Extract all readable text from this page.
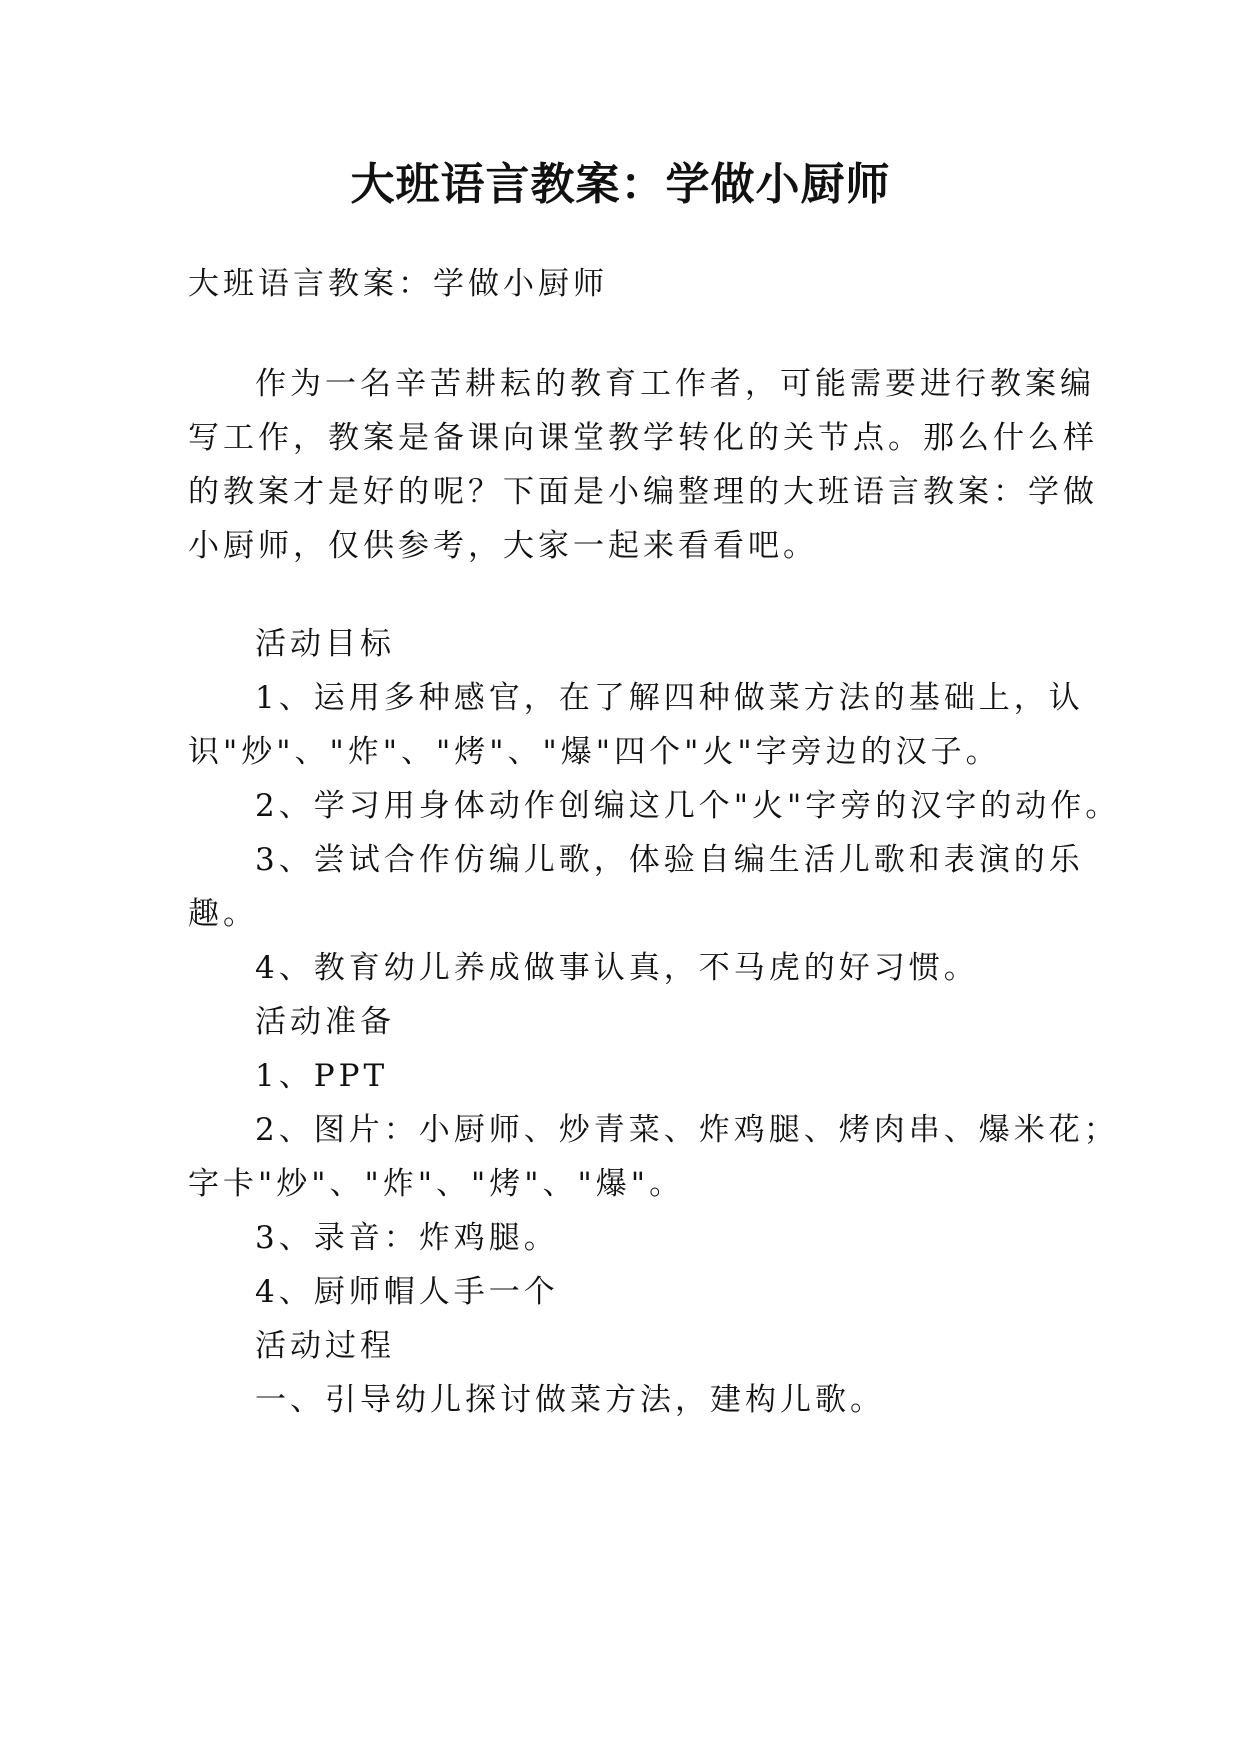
大班语言教案：学做小厨师
大班语言教案：学做小厨师
作为一名辛苦耕耘的教育工作者，可能需要进行教案编
写工作，教案是备课向课堂教学转化的关节点。那么什么样
的教案才是好的呢？下面是小编整理的大班语言教案：学做
小厨师，仅供参考，大家一起来看看吧。
活动目标
1、运用多种感官，在了解四种做菜方法的基础上，认
识"炒"、"炸"、"烤"、"爆"四个"火"字旁边的汉子。
2、学习用身体动作创编这几个"火"字旁的汉字的动作。
3、尝试合作仿编儿歌，体验自编生活儿歌和表演的乐
趣。
4、教育幼儿养成做事认真，不马虎的好习惯。
活动准备
1、PPT
2、图片：小厨师、炒青菜、炸鸡腿、烤肉串、爆米花；
字卡"炒"、"炸"、"烤"、"爆"。
3、录音：炸鸡腿。
4、厨师帽人手一个
活动过程
一、引导幼儿探讨做菜方法，建构儿歌。
